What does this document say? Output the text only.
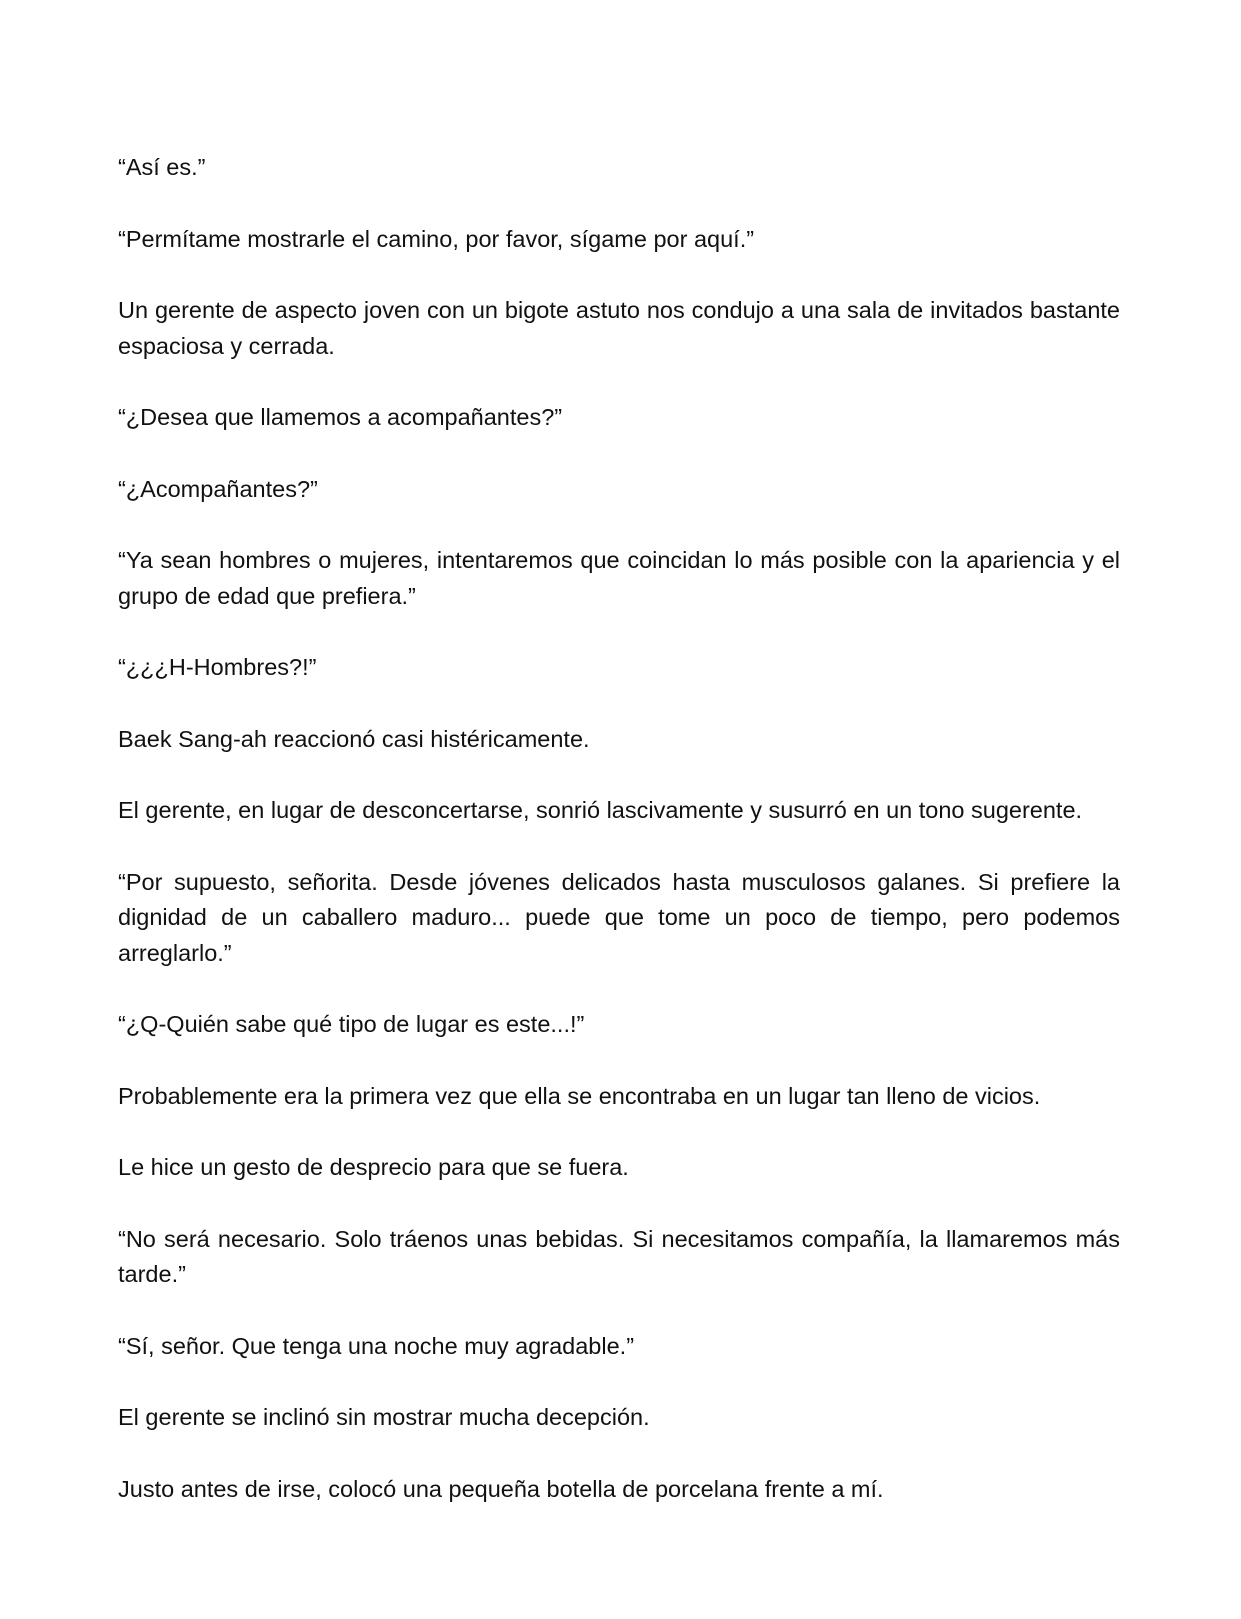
“Así es.”

“Permítame mostrarle el camino, por favor, sígame por aquí.”

Un gerente de aspecto joven con un bigote astuto nos condujo a una sala de invitados bastante espaciosa y cerrada.

“¿Desea que llamemos a acompañantes?”

“¿Acompañantes?”

“Ya sean hombres o mujeres, intentaremos que coincidan lo más posible con la apariencia y el grupo de edad que prefiera.”

“¿¿¿H-Hombres?!”

Baek Sang-ah reaccionó casi histéricamente.

El gerente, en lugar de desconcertarse, sonrió lascivamente y susurró en un tono sugerente.

“Por supuesto, señorita. Desde jóvenes delicados hasta musculosos galanes. Si prefiere la dignidad de un caballero maduro... puede que tome un poco de tiempo, pero podemos arreglarlo.”

“¿Q-Quién sabe qué tipo de lugar es este...!”

Probablemente era la primera vez que ella se encontraba en un lugar tan lleno de vicios.

Le hice un gesto de desprecio para que se fuera.

“No será necesario. Solo tráenos unas bebidas. Si necesitamos compañía, la llamaremos más tarde.”

“Sí, señor. Que tenga una noche muy agradable.”

El gerente se inclinó sin mostrar mucha decepción.

Justo antes de irse, colocó una pequeña botella de porcelana frente a mí.
